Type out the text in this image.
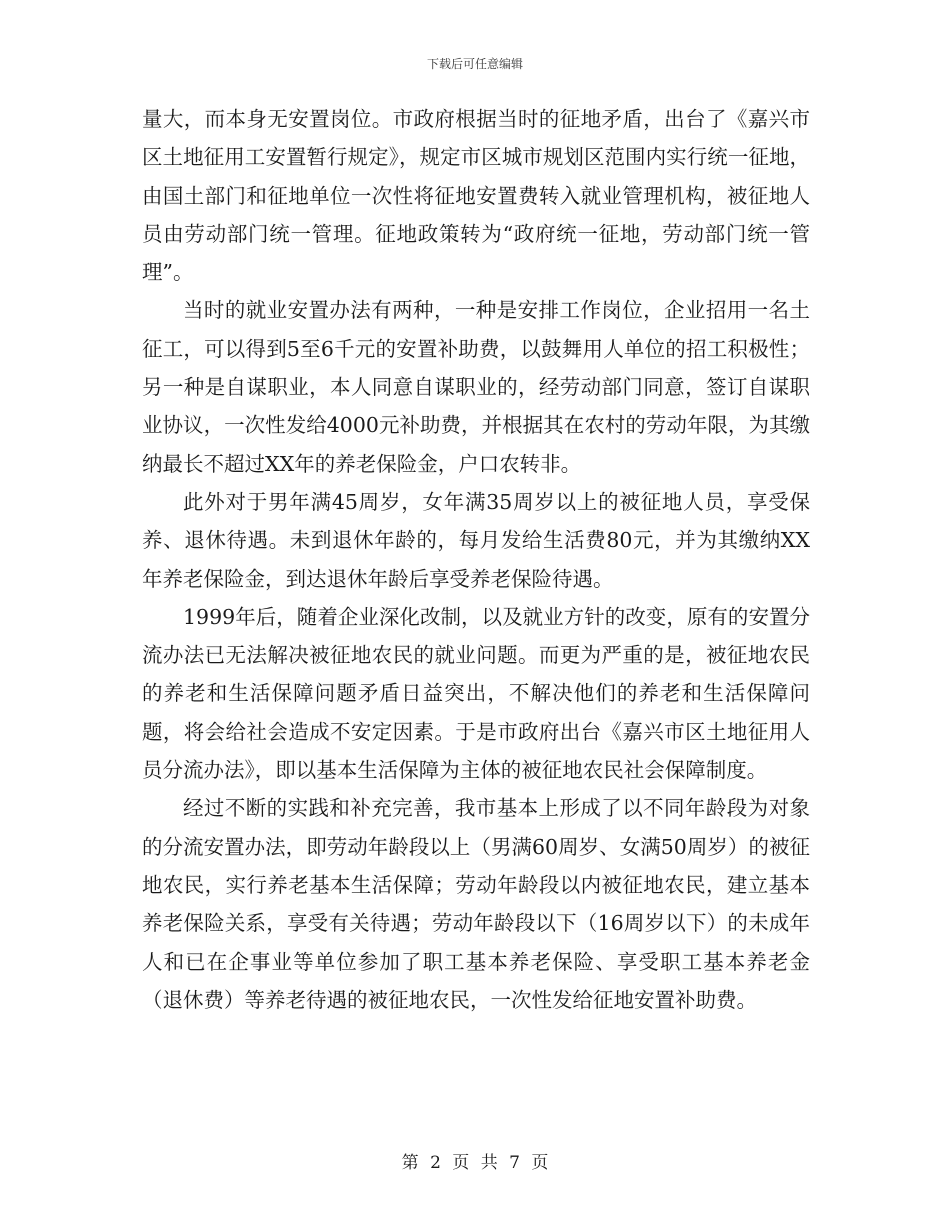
下载后可任意编辑

量大，而本身无安置岗位。市政府根据当时的征地矛盾，出台了《嘉兴市区土地征用工安置暂行规定》，规定市区城市规划区范围内实行统一征地，由国土部门和征地单位一次性将征地安置费转入就业管理机构，被征地人员由劳动部门统一管理。征地政策转为“政府统一征地，劳动部门统一管理”。

当时的就业安置办法有两种，一种是安排工作岗位，企业招用一名土征工，可以得到5至6千元的安置补助费，以鼓舞用人单位的招工积极性；另一种是自谋职业，本人同意自谋职业的，经劳动部门同意，签订自谋职业协议，一次性发给4000元补助费，并根据其在农村的劳动年限，为其缴纳最长不超过XX年的养老保险金，户口农转非。

此外对于男年满45周岁，女年满35周岁以上的被征地人员，享受保养、退休待遇。未到退休年龄的，每月发给生活费80元，并为其缴纳XX年养老保险金，到达退休年龄后享受养老保险待遇。

1999年后，随着企业深化改制，以及就业方针的改变，原有的安置分流办法已无法解决被征地农民的就业问题。而更为严重的是，被征地农民的养老和生活保障问题矛盾日益突出，不解决他们的养老和生活保障问题，将会给社会造成不安定因素。于是市政府出台《嘉兴市区土地征用人员分流办法》，即以基本生活保障为主体的被征地农民社会保障制度。

经过不断的实践和补充完善，我市基本上形成了以不同年龄段为对象的分流安置办法，即劳动年龄段以上（男满60周岁、女满50周岁）的被征地农民，实行养老基本生活保障；劳动年龄段以内被征地农民，建立基本养老保险关系，享受有关待遇；劳动年龄段以下（16周岁以下）的未成年人和已在企事业等单位参加了职工基本养老保险、享受职工基本养老金（退休费）等养老待遇的被征地农民，一次性发给征地安置补助费。

第 2 页 共 7 页
